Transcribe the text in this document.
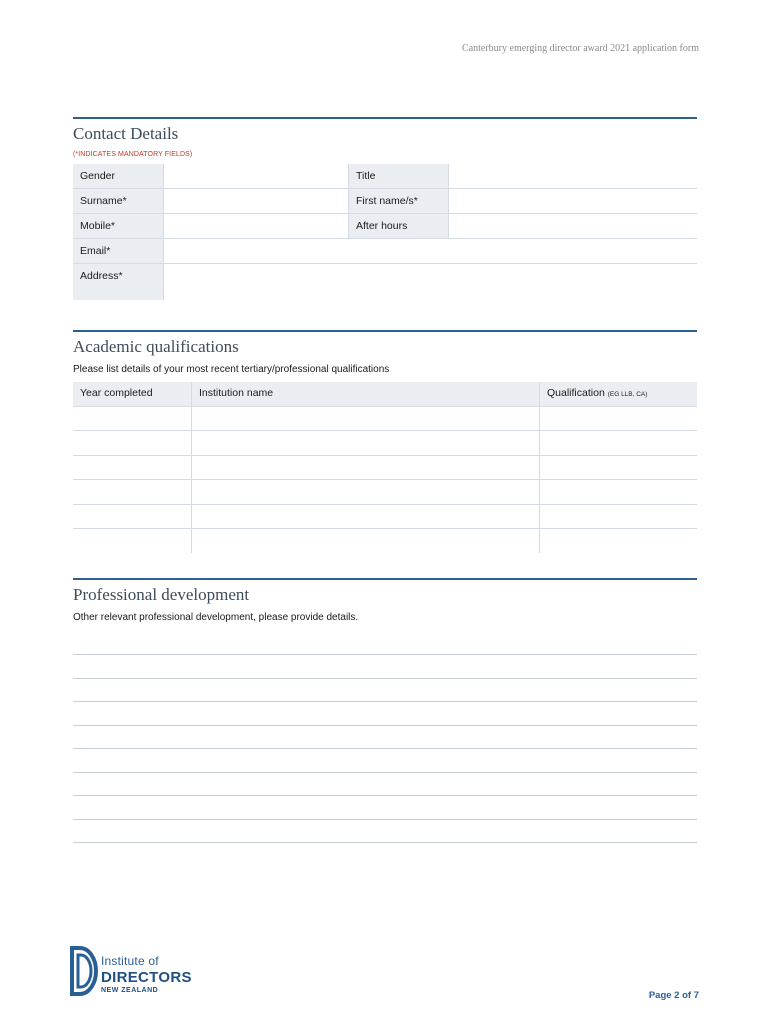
Canterbury emerging director award 2021 application form
Contact Details
(*INDICATES MANDATORY FIELDS)
Gender	Title
Surname*	First name/s*
Mobile*	After hours
Email*
Address*
Academic qualifications
Please list details of your most recent tertiary/professional qualifications
Year completed	Institution name	Qualification (EG LLB, CA)
Professional development
Other relevant professional development, please provide details.
Institute of
DIRECTORS
NEW ZEALAND	Page 2 of 7
